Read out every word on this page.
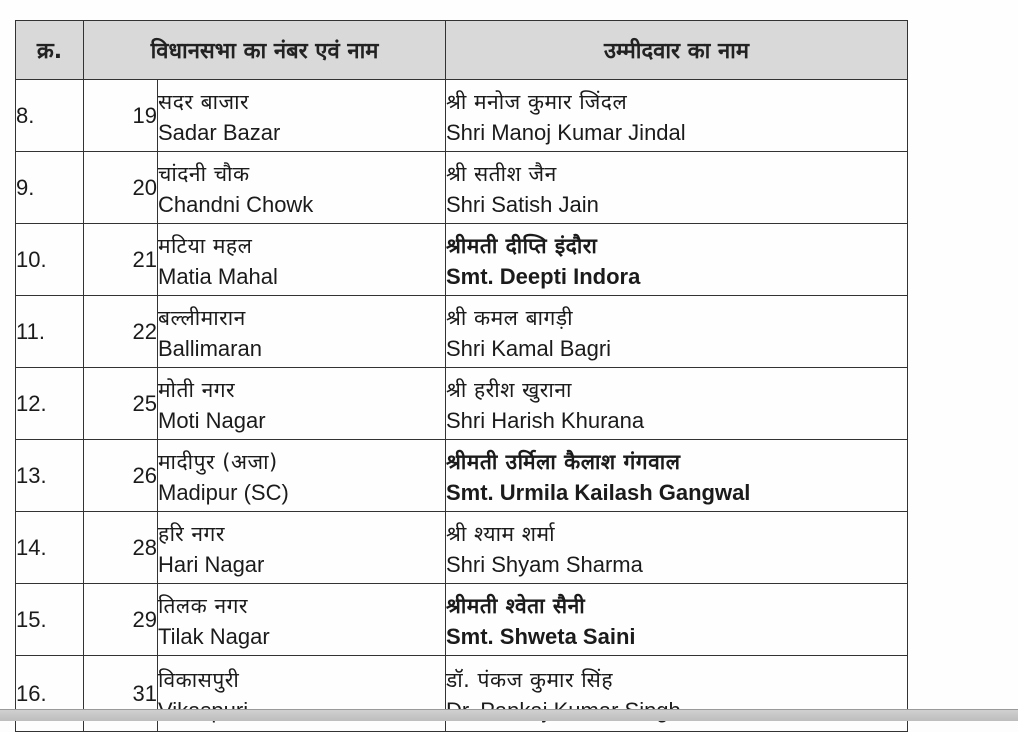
क्र.	विधानसभा का नंबर एवं नाम		उम्मीदवार का नाम
8.	19	सदर बाजार
Sadar Bazar	श्री मनोज कुमार जिंदल
Shri Manoj Kumar Jindal

9.	20	चांदनी चौक
Chandni Chowk	श्री सतीश जैन
Shri Satish Jain

10.	21	मटिया महल
Matia Mahal	श्रीमती दीप्ति इंदौरा
Smt. Deepti Indora

11.	22	बल्लीमारान
Ballimaran	श्री कमल बागड़ी
Shri Kamal Bagri

12.	25	मोती नगर
Moti Nagar	श्री हरीश खुराना
Shri Harish Khurana

13.	26	मादीपुर (अजा)
Madipur (SC)	श्रीमती उर्मिला कैलाश गंगवाल
Smt. Urmila Kailash Gangwal

14.	28	हरि नगर
Hari Nagar	श्री श्याम शर्मा
Shri Shyam Sharma

15.	29	तिलक नगर
Tilak Nagar	श्रीमती श्वेता सैनी
Smt. Shweta Saini

16.	31	विकासपुरी	डॉ. पंकज कुमार सिंह
